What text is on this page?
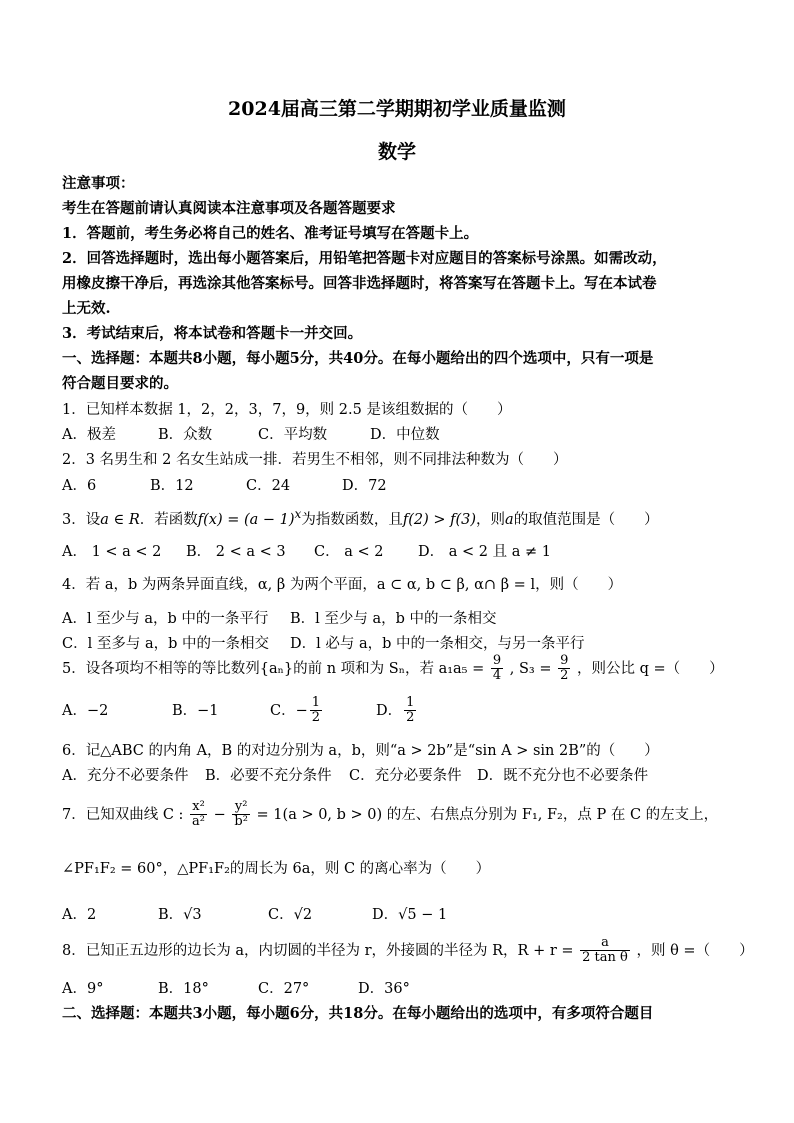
2024届高三第二学期期初学业质量监测
数学
注意事项：
考生在答题前请认真阅读本注意事项及各题答题要求
1．答题前，考生务必将自己的姓名、准考证号填写在答题卡上。
2．回答选择题时，选出每小题答案后，用铅笔把答题卡对应题目的答案标号涂黑。如需改动，
用橡皮擦干净后，再选涂其他答案标号。回答非选择题时，将答案写在答题卡上。写在本试卷
上无效.
3．考试结束后，将本试卷和答题卡一并交回。
一、选择题：本题共8小题，每小题5分，共40分。在每小题给出的四个选项中，只有一项是
符合题目要求的。
1．已知样本数据 1，2，2，3，7，9，则 2.5 是该组数据的（　　）
A．极差	B．众数	C．平均数	D．中位数
2．3 名男生和 2 名女生站成一排．若男生不相邻，则不同排法种数为（　　）
A．6	B．12	C．24	D．72
3．设a ∈ R．若函数$f(x) = (a - 1)^x$为指数函数，且f(2) > f(3)，则a的取值范围是（　　）
A． 1 < a < 2 B． 2 < a < 3 C． a < 2 D． a < 2 且 a ≠ 1
4．若 a，b 为两条异面直线，α, β 为两个平面，a ⊂ α, b ⊂ β, α∩ β = l，则（　　）
A．l 至少与 a，b 中的一条平行 B．l 至少与 a，b 中的一条相交
C．l 至多与 a，b 中的一条相交 D．l 必与 a，b 中的一条相交，与另一条平行
5．设各项均不相等的等比数列{aₙ}的前 n 项和为 Sₙ，若 $a_1a_5 = \frac{9}{4}$ , $S_3 = \frac{9}{2}$ ，则公比 q =（　　）
A．−2	B．−1	C．− $\frac{1}{2}$	D． $\frac{1}{2}$
6．记△ABC 的内角 A，B 的对边分别为 a，b，则“a > 2b”是“sin A > sin 2B”的（　　）
A．充分不必要条件 B．必要不充分条件 C．充分必要条件 D．既不充分也不必要条件
7．已知双曲线 C : $\frac{\text{x²}}{\text{a²}} - \frac{\text{y²}}{\text{b²}} = 1(a > 0$, b > 0) 的左、右焦点分别为 F₁, F₂，点 P 在 C 的左支上，
∠PF₁F₂ = 60°，△PF₁F₂的周长为 6a，则 C 的离心率为（　　）
A．2	B．√3	C．√2	D．√5 − 1
8．已知正五边形的边长为 a，内切圆的半径为 r，外接圆的半径为 R，$R + r = \frac{a}{\text{2 tan θ}}$ ，则 θ =（　　）
A．9°	B．18°	C．27°	D．36°
二、选择题：本题共3小题，每小题6分，共18分。在每小题给出的选项中，有多项符合题目
